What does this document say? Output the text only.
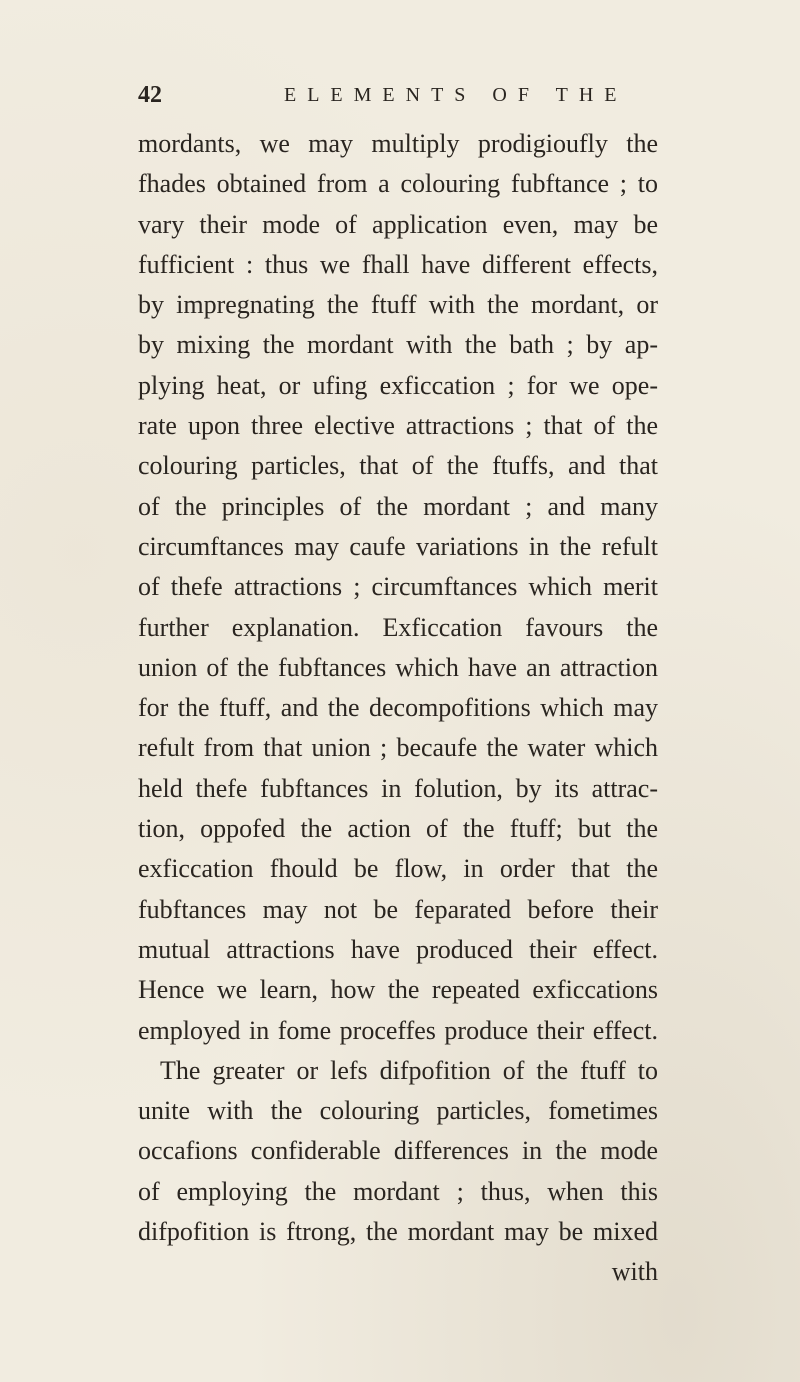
42	ELEMENTS OF THE
mordants, we may multiply prodigioufly the
fhades obtained from a colouring fubftance ; to
vary their mode of application even, may be
fufficient : thus we fhall have different effects,
by impregnating the ftuff with the mordant, or
by mixing the mordant with the bath ; by ap-
plying heat, or ufing exficcation ; for we ope-
rate upon three elective attractions ; that of the
colouring particles, that of the ftuffs, and that
of the principles of the mordant ; and many
circumftances may caufe variations in the refult
of thefe attractions ; circumftances which merit
further explanation. Exficcation favours the
union of the fubftances which have an attraction
for the ftuff, and the decompofitions which may
refult from that union ; becaufe the water which
held thefe fubftances in folution, by its attrac-
tion, oppofed the action of the ftuff; but the
exficcation fhould be flow, in order that the
fubftances may not be feparated before their
mutual attractions have produced their effect.
Hence we learn, how the repeated exficcations
employed in fome proceffes produce their effect.
The greater or lefs difpofition of the ftuff to
unite with the colouring particles, fometimes
occafions confiderable differences in the mode
of employing the mordant ; thus, when this
difpofition is ftrong, the mordant may be mixed
with
